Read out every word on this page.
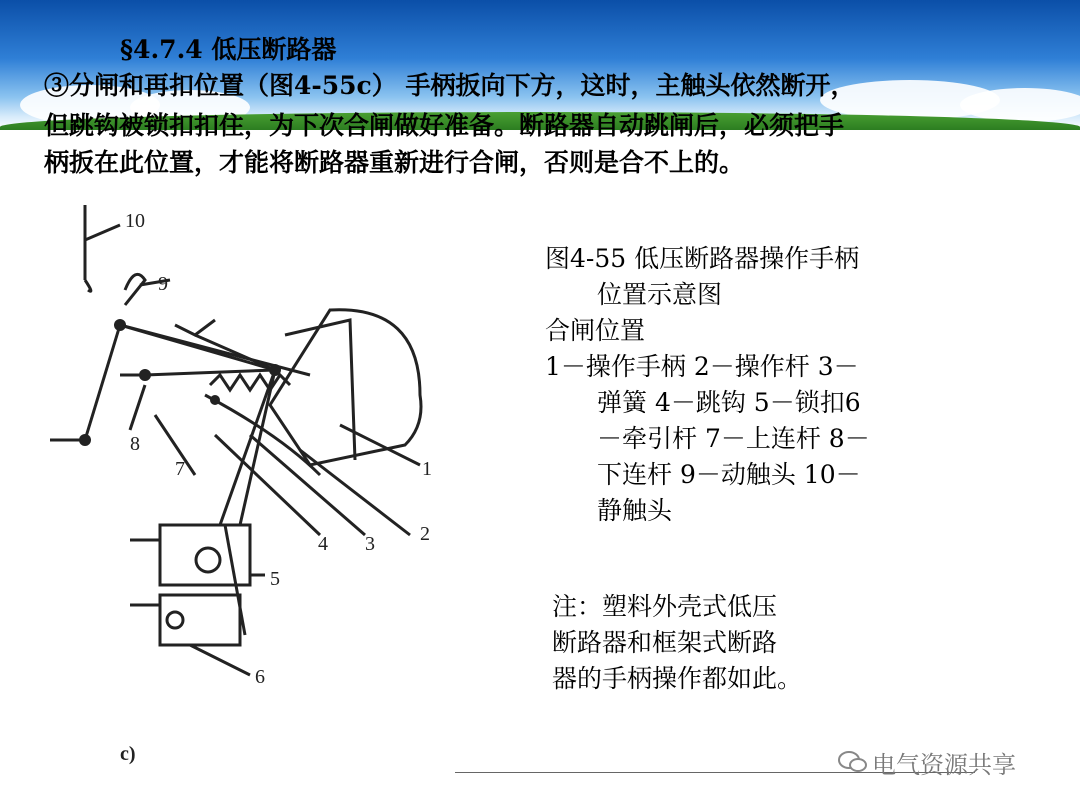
§4.7.4 低压断路器
③分闸和再扣位置（图4-55c） 手柄扳向下方，这时，主触头依然断开，
但跳钩被锁扣扣住，为下次合闸做好准备。断路器自动跳闸后，必须把手
柄扳在此位置，才能将断路器重新进行合闸，否则是合不上的。
10
9
8
7
4 3 2
1
5
6
c)
图4-55 低压断路器操作手柄
位置示意图
合闸位置
1－操作手柄 2－操作杆 3－
弹簧 4－跳钩 5－锁扣6
－牵引杆 7－上连杆 8－
下连杆 9－动触头 10－
静触头
注：塑料外壳式低压
断路器和框架式断路
器的手柄操作都如此。
电气资源共享
